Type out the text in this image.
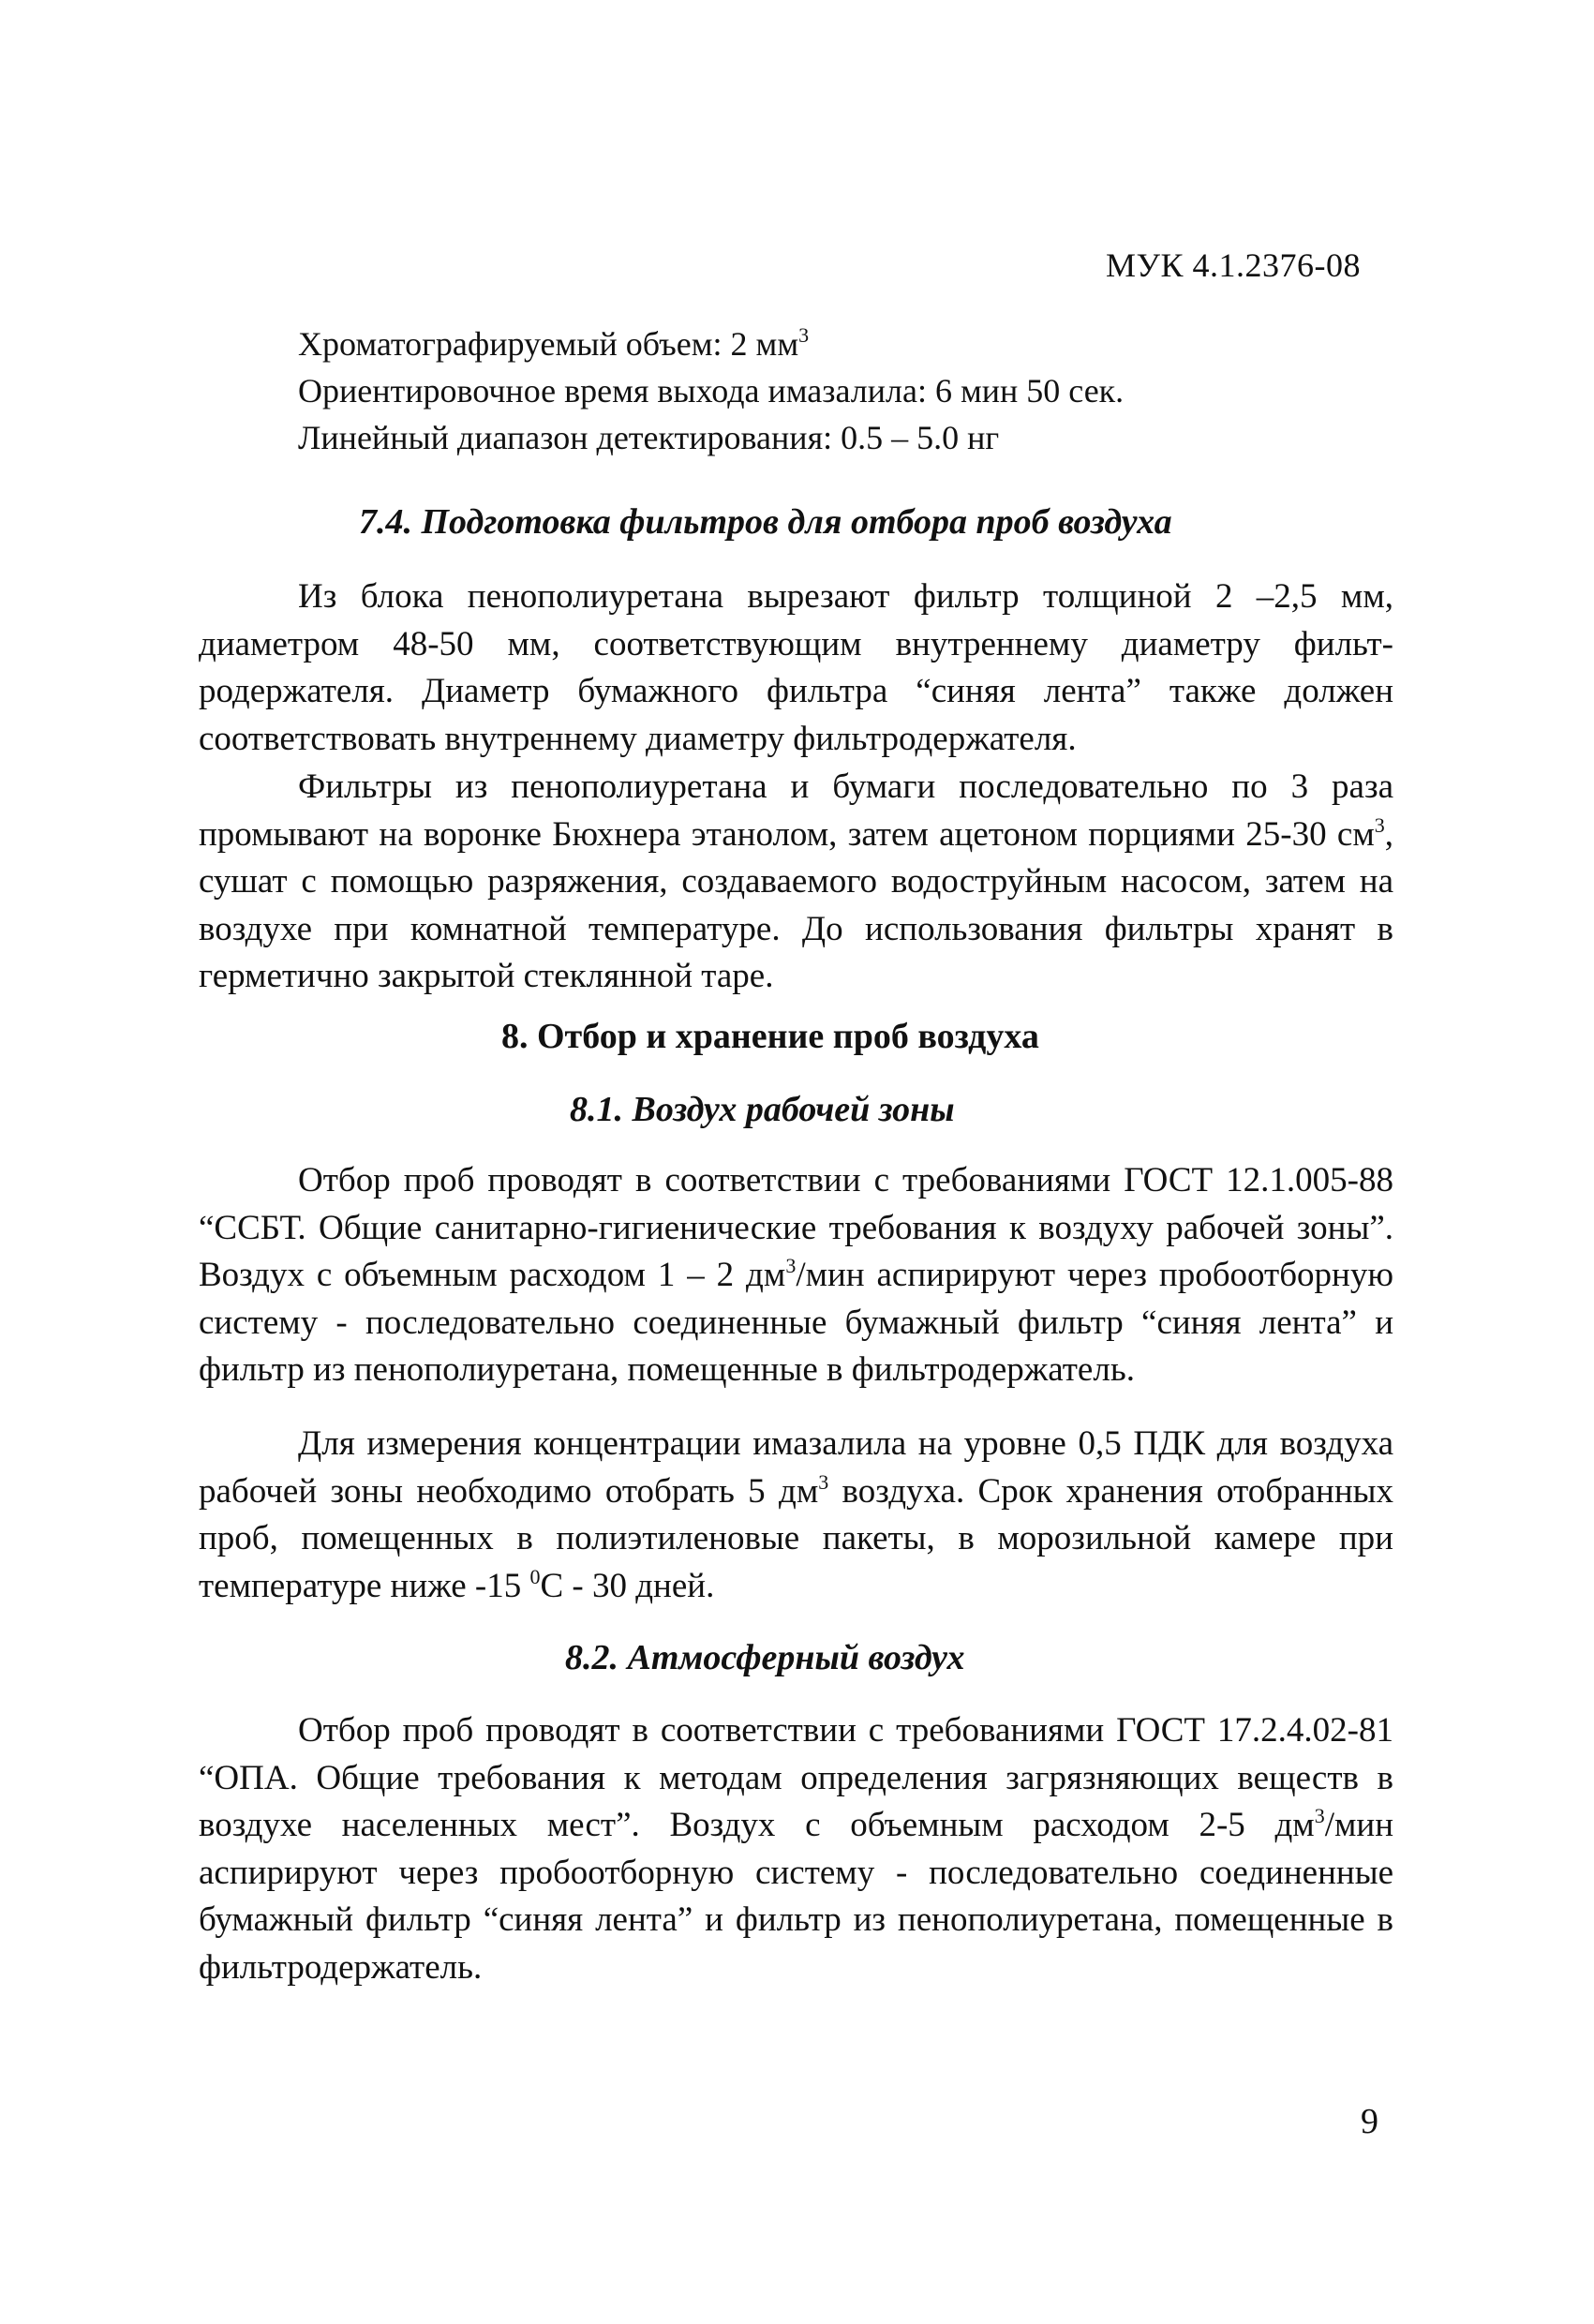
МУК 4.1.2376-08
Хроматографируемый объем: 2 $мм^3$
Ориентировочное время выхода имазалила: 6 мин 50 сек.
Линейный диапазон детектирования: 0.5 – 5.0 нг
7.4. Подготовка фильтров для отбора проб воздуха

Из блока пенополиуретана вырезают фильтр толщиной 2 –2,5 мм, диаметром 48-50 мм, соответствующим внутреннему диаметру фильтродержателя. Диаметр бумажного фильтра “синяя лента” также должен соответствовать внутреннему диаметру фильтродержателя.

Фильтры из пенополиуретана и бумаги последовательно по 3 раза промывают на воронке Бюхнера этанолом, затем ацетоном порциями 25-30 $см^3$, сушат с помощью разряжения, создаваемого водоструйным насосом, затем на воздухе при комнатной температуре. До использования фильтры хранят в герметично закрытой стеклянной таре.

8. Отбор и хранение проб воздуха
8.1. Воздух рабочей зоны

Отбор проб проводят в соответствии с требованиями ГОСТ 12.1.005-88 “ССБТ. Общие санитарно-гигиенические требования к воздуху рабочей зоны”. Воздух с объемным расходом 1 – 2 $дм^3$/мин аспирируют через пробоотборную систему - последовательно соединенные бумажный фильтр “синяя лента” и фильтр из пенополиуретана, помещенные в фильтродержатель.

Для измерения концентрации имазалила на уровне 0,5 ПДК для воздуха рабочей зоны необходимо отобрать 5 $дм^3$ воздуха. Срок хранения отобранных проб, помещенных в полиэтиленовые пакеты, в морозильной камере при температуре ниже -15 $^0$С - 30 дней.

8.2. Атмосферный воздух

Отбор проб проводят в соответствии с требованиями ГОСТ 17.2.4.02-81 “ОПА. Общие требования к методам определения загрязняющих веществ в воздухе населенных мест”. Воздух с объемным расходом 2-5 $дм^3$/мин аспирируют через пробоотборную систему - последовательно соединенные бумажный фильтр “синяя лента” и фильтр из пенополиуретана, помещенные в фильтродержатель.

9
